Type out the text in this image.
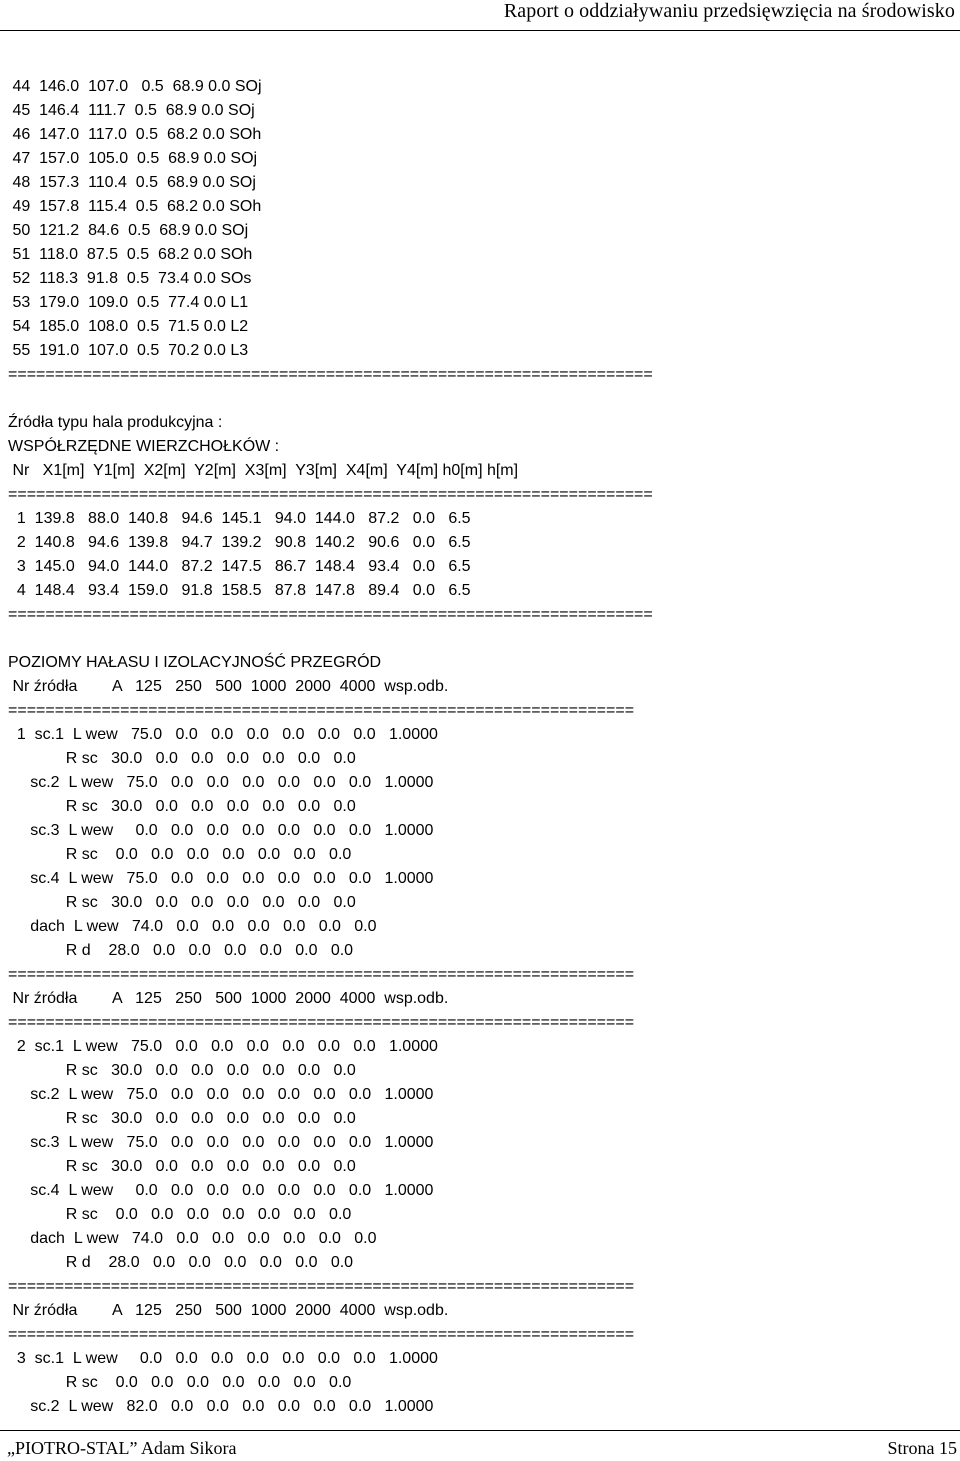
Raport o oddziaływaniu przedsięwzięcia na środowisko
44  146.0  107.0   0.5  68.9 0.0 SOj
45  146.4  111.7  0.5  68.9 0.0 SOj
46  147.0  117.0  0.5  68.2 0.0 SOh
47  157.0  105.0  0.5  68.9 0.0 SOj
48  157.3  110.4  0.5  68.9 0.0 SOj
49  157.8  115.4  0.5  68.2 0.0 SOh
50  121.2  84.6  0.5  68.9 0.0 SOj
51  118.0  87.5  0.5  68.2 0.0 SOh
52  118.3  91.8  0.5  73.4 0.0 SOs
53  179.0  109.0  0.5  77.4 0.0 L1
54  185.0  108.0  0.5  71.5 0.0 L2
55  191.0  107.0  0.5  70.2 0.0 L3
=====================================================================
Źródła typu hala produkcyjna :
WSPÓŁRZĘDNE WIERZCHOŁKÓW :
Nr   X1[m]  Y1[m]  X2[m]  Y2[m]  X3[m]  Y3[m]  X4[m]  Y4[m] h0[m] h[m]
=====================================================================
1  139.8   88.0  140.8   94.6  145.1   94.0  144.0   87.2   0.0   6.5
2  140.8   94.6  139.8   94.7  139.2   90.8  140.2   90.6   0.0   6.5
3  145.0   94.0  144.0   87.2  147.5   86.7  148.4   93.4   0.0   6.5
4  148.4   93.4  159.0   91.8  158.5   87.8  147.8   89.4   0.0   6.5
=====================================================================
POZIOMY HAŁASU I IZOLACYJNOŚĆ PRZEGRÓD
Nr źródła        A   125   250   500  1000  2000  4000  wsp.odb.
===================================================================
1  sc.1  L wew   75.0   0.0   0.0   0.0   0.0   0.0   0.0   1.0000
R sc   30.0   0.0   0.0   0.0   0.0   0.0   0.0
sc.2  L wew   75.0   0.0   0.0   0.0   0.0   0.0   0.0   1.0000
R sc   30.0   0.0   0.0   0.0   0.0   0.0   0.0
sc.3  L wew     0.0   0.0   0.0   0.0   0.0   0.0   0.0   1.0000
R sc    0.0   0.0   0.0   0.0   0.0   0.0   0.0
sc.4  L wew   75.0   0.0   0.0   0.0   0.0   0.0   0.0   1.0000
R sc   30.0   0.0   0.0   0.0   0.0   0.0   0.0
dach  L wew   74.0   0.0   0.0   0.0   0.0   0.0   0.0
R d    28.0   0.0   0.0   0.0   0.0   0.0   0.0
===================================================================
Nr źródła        A   125   250   500  1000  2000  4000  wsp.odb.
===================================================================
2  sc.1  L wew   75.0   0.0   0.0   0.0   0.0   0.0   0.0   1.0000
R sc   30.0   0.0   0.0   0.0   0.0   0.0   0.0
sc.2  L wew   75.0   0.0   0.0   0.0   0.0   0.0   0.0   1.0000
R sc   30.0   0.0   0.0   0.0   0.0   0.0   0.0
sc.3  L wew   75.0   0.0   0.0   0.0   0.0   0.0   0.0   1.0000
R sc   30.0   0.0   0.0   0.0   0.0   0.0   0.0
sc.4  L wew     0.0   0.0   0.0   0.0   0.0   0.0   0.0   1.0000
R sc    0.0   0.0   0.0   0.0   0.0   0.0   0.0
dach  L wew   74.0   0.0   0.0   0.0   0.0   0.0   0.0
R d    28.0   0.0   0.0   0.0   0.0   0.0   0.0
===================================================================
Nr źródła        A   125   250   500  1000  2000  4000  wsp.odb.
===================================================================
3  sc.1  L wew     0.0   0.0   0.0   0.0   0.0   0.0   0.0   1.0000
R sc    0.0   0.0   0.0   0.0   0.0   0.0   0.0
sc.2  L wew   82.0   0.0   0.0   0.0   0.0   0.0   0.0   1.0000
„PIOTRO-STAL” Adam Sikora	Strona 15
